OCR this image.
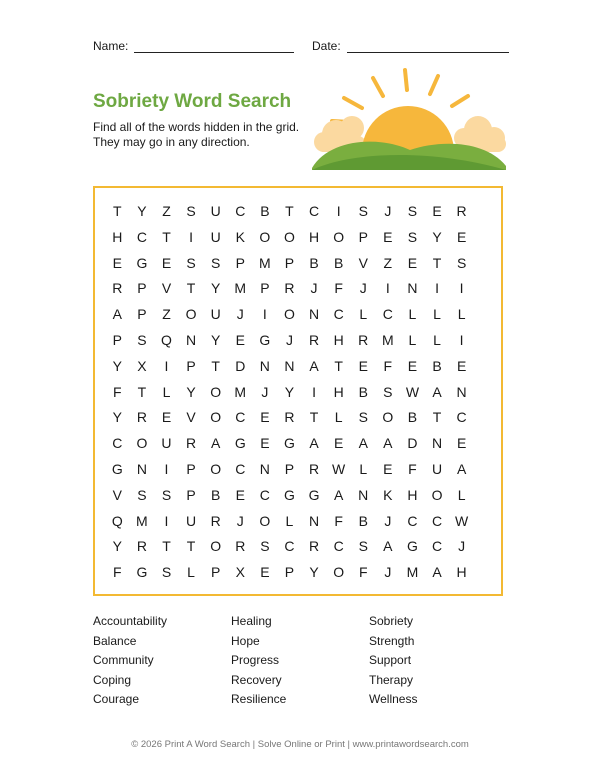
Name:	Date:
Sobriety Word Search
Find all of the words hidden in the grid.
They may go in any direction.
T	Y	Z	S	U	C	B	T	C	I	S	J	S	E	R
H	C	T	I	U	K	O O	H	O	P	E	S	Y	E
E	G	E	S	S	P	M	P	B	B	V	Z	E	T	S
R	P	V	T	Y	M	P	R	J	F	J	I	N	I	I
A	P	Z	O	U	J	I	O	N	C	L	C	L	L	L
P	S	Q	N	Y	E	G	J	R	H	R M	L	L	I
Y	X	I	P	T	D	N	N	A	T	E	F	E	B	E
F	T	L	Y	O M	J	Y	I	H	B	S W A	N
Y	R	E	V	O	C	E	R	T	L	S	O	B	T	C
C	O	U	R	A	G	E	G	A	E	A	A	D	N	E
G	N	I	P	O	C	N	P	R W	L	E	F	U	A
V	S	S	P	B	E	C	G G	A	N	K	H	O	L
Q M	I	U	R	J	O	L	N	F	B	J	C	C W
Y	R	T	T	O	R	S	C	R	C	S	A	G	C	J
F	G	S	L	P	X	E	P	Y	O	F	J	M	A	H
Accountability
Balance
Community
Coping
Courage
Healing
Hope
Progress
Recovery
Resilience
Sobriety
Strength
Support
Therapy
Wellness
© 2026 Print A Word Search | Solve Online or Print | www.printawordsearch.com
